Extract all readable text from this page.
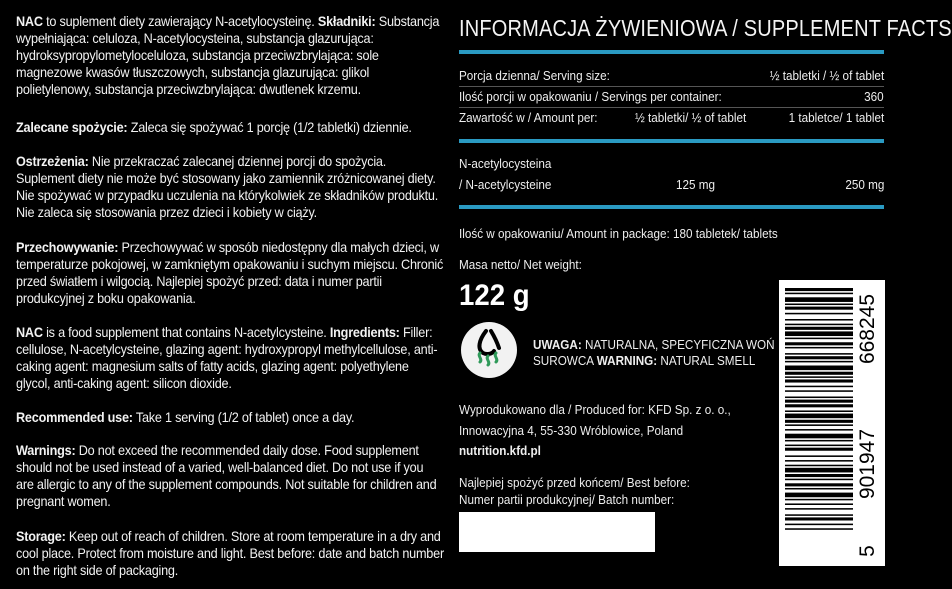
NAC to suplement diety zawierający N-acetylocysteinę. Składniki: Substancja wypełniająca: celuloza, N-acetylocysteina, substancja glazurująca: hydroksypropylometyloceluloza, substancja przeciwzbrylająca: sole magnezowe kwasów tłuszczowych, substancja glazurująca: glikol polietylenowy, substancja przeciwzbrylająca: dwutlenek krzemu.

Zalecane spożycie: Zaleca się spożywać 1 porcję (1/2 tabletki) dziennie.

Ostrzeżenia: Nie przekraczać zalecanej dziennej porcji do spożycia. Suplement diety nie może być stosowany jako zamiennik zróżnicowanej diety. Nie spożywać w przypadku uczulenia na którykolwiek ze składników produktu. Nie zaleca się stosowania przez dzieci i kobiety w ciąży.

Przechowywanie: Przechowywać w sposób niedostępny dla małych dzieci, w temperaturze pokojowej, w zamkniętym opakowaniu i suchym miejscu. Chronić przed światłem i wilgocią. Najlepiej spożyć przed: data i numer partii produkcyjnej z boku opakowania.

NAC is a food supplement that contains N-acetylcysteine. Ingredients: Filler: cellulose, N-acetylcysteine, glazing agent: hydroxypropyl methylcellulose, anti-caking agent: magnesium salts of fatty acids, glazing agent: polyethylene glycol, anti-caking agent: silicon dioxide.

Recommended use: Take 1 serving (1/2 of tablet) once a day.

Warnings: Do not exceed the recommended daily dose. Food supplement should not be used instead of a varied, well-balanced diet. Do not use if you are allergic to any of the supplement compounds. Not suitable for children and pregnant women.

Storage: Keep out of reach of children. Store at room temperature in a dry and cool place. Protect from moisture and light. Best before: date and batch number on the right side of packaging.

INFORMACJA ŻYWIENIOWA / SUPPLEMENT FACTS
Porcja dzienna/ Serving size:	½ tabletki / ½ of tablet
Ilość porcji w opakowaniu / Servings per container:	360
Zawartość w / Amount per:	½ tabletki/ ½ of tablet	1 tabletce/ 1 tablet
N-acetylocysteina
/ N-acetylcysteine	125 mg	250 mg
Ilość w opakowaniu/ Amount in package: 180 tabletek/ tablets
Masa netto/ Net weight:
122 g
UWAGA: NATURALNA, SPECYFICZNA WOŃ
SUROWCA WARNING: NATURAL SMELL
Wyprodukowano dla / Produced for: KFD Sp. z o. o.,
Innowacyjna 4, 55-330 Wróblowice, Poland
nutrition.kfd.pl
Najlepiej spożyć przed końcem/ Best before:
Numer partii produkcyjnej/ Batch number:
668245
901947
5
